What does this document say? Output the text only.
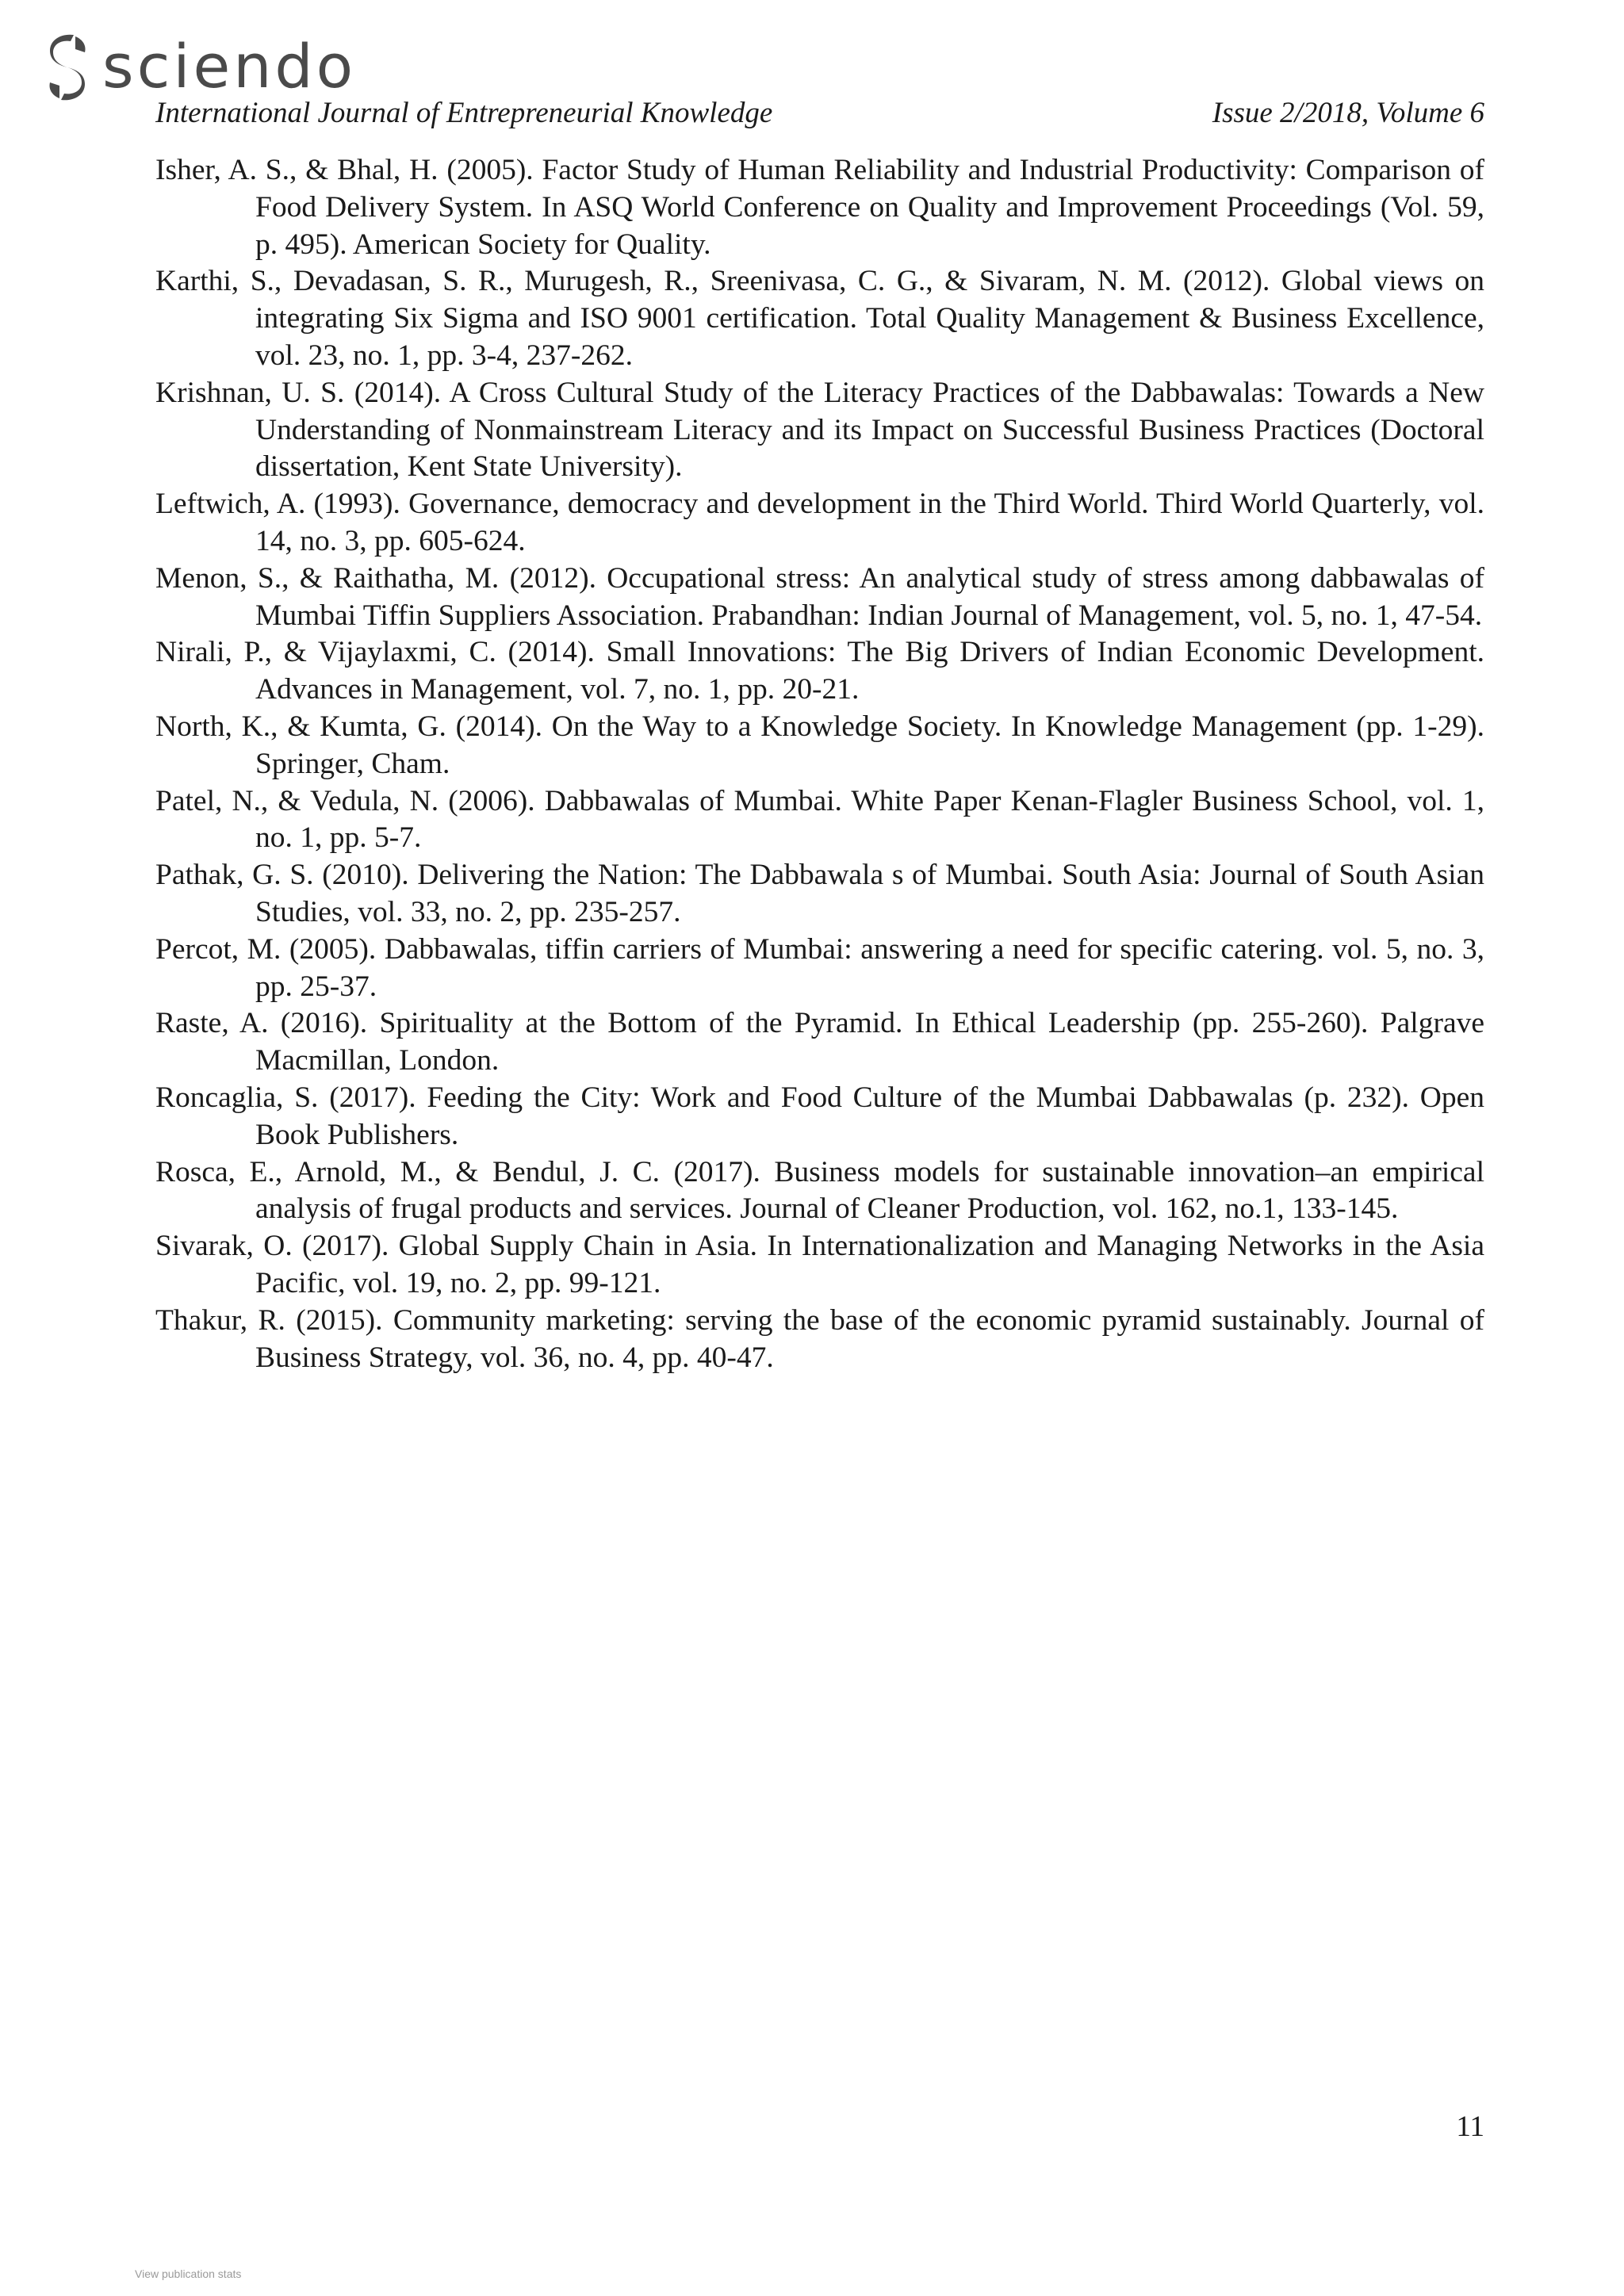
sciendo
International Journal of Entrepreneurial Knowledge	Issue 2/2018, Volume 6
Isher, A. S., & Bhal, H. (2005). Factor Study of Human Reliability and Industrial Productivity: Comparison of Food Delivery System. In ASQ World Conference on Quality and Improvement Proceedings (Vol. 59, p. 495). American Society for Quality.
Karthi, S., Devadasan, S. R., Murugesh, R., Sreenivasa, C. G., & Sivaram, N. M. (2012). Global views on integrating Six Sigma and ISO 9001 certification. Total Quality Management & Business Excellence, vol. 23, no. 1, pp. 3-4, 237-262.
Krishnan, U. S. (2014). A Cross Cultural Study of the Literacy Practices of the Dabbawalas: Towards a New Understanding of Nonmainstream Literacy and its Impact on Successful Business Practices (Doctoral dissertation, Kent State University).
Leftwich, A. (1993). Governance, democracy and development in the Third World. Third World Quarterly, vol. 14, no. 3, pp. 605-624.
Menon, S., & Raithatha, M. (2012). Occupational stress: An analytical study of stress among dabbawalas of Mumbai Tiffin Suppliers Association. Prabandhan: Indian Journal of Management, vol. 5, no. 1, 47-54.
Nirali, P., & Vijaylaxmi, C. (2014). Small Innovations: The Big Drivers of Indian Economic Development. Advances in Management, vol. 7, no. 1, pp. 20-21.
North, K., & Kumta, G. (2014). On the Way to a Knowledge Society. In Knowledge Management (pp. 1-29). Springer, Cham.
Patel, N., & Vedula, N. (2006). Dabbawalas of Mumbai. White Paper Kenan-Flagler Business School, vol. 1, no. 1, pp. 5-7.
Pathak, G. S. (2010). Delivering the Nation: The Dabbawala s of Mumbai. South Asia: Journal of South Asian Studies, vol. 33, no. 2, pp. 235-257.
Percot, M. (2005). Dabbawalas, tiffin carriers of Mumbai: answering a need for specific catering. vol. 5, no. 3, pp. 25-37.
Raste, A. (2016). Spirituality at the Bottom of the Pyramid. In Ethical Leadership (pp. 255-260). Palgrave Macmillan, London.
Roncaglia, S. (2017). Feeding the City: Work and Food Culture of the Mumbai Dabbawalas (p. 232). Open Book Publishers.
Rosca, E., Arnold, M., & Bendul, J. C. (2017). Business models for sustainable innovation–an empirical analysis of frugal products and services. Journal of Cleaner Production, vol. 162, no.1, 133-145.
Sivarak, O. (2017). Global Supply Chain in Asia. In Internationalization and Managing Networks in the Asia Pacific, vol. 19, no. 2, pp. 99-121.
Thakur, R. (2015). Community marketing: serving the base of the economic pyramid sustainably. Journal of Business Strategy, vol. 36, no. 4, pp. 40-47.
11
View publication stats
